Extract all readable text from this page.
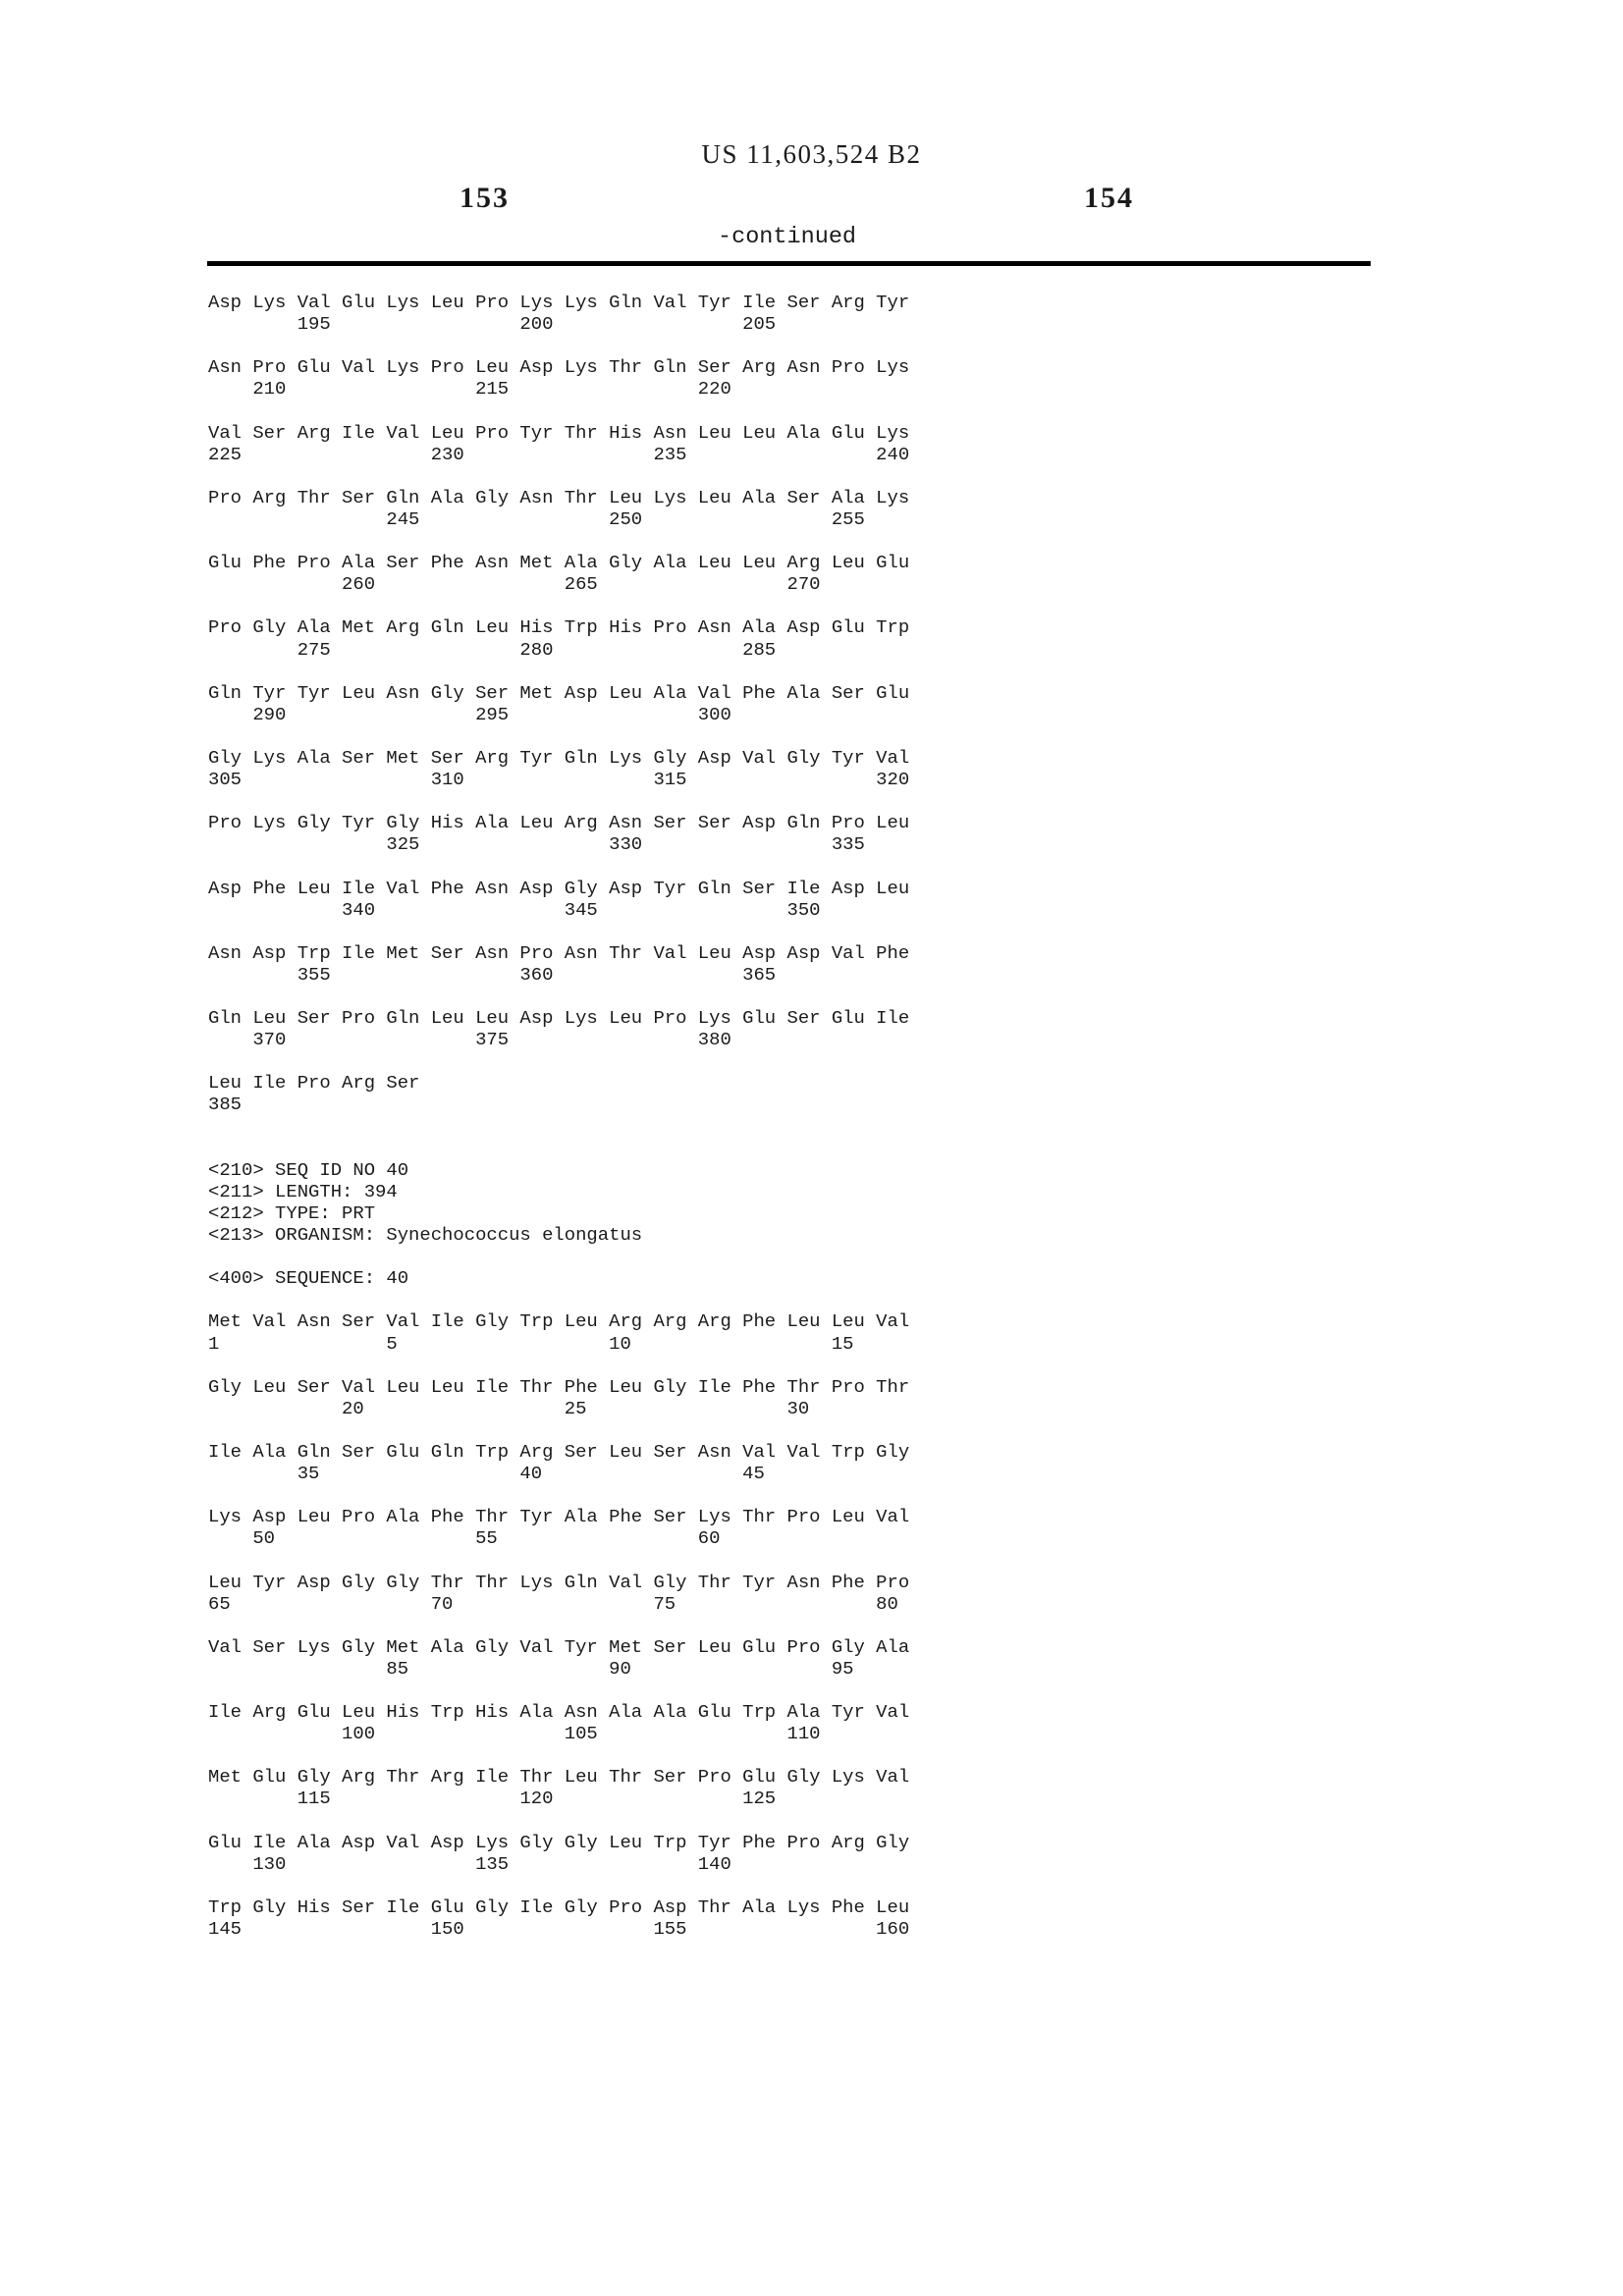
US 11,603,524 B2
153	154
-continued
Asp Lys Val Glu Lys Leu Pro Lys Lys Gln Val Tyr Ile Ser Arg Tyr
195                 200                 205
Asn Pro Glu Val Lys Pro Leu Asp Lys Thr Gln Ser Arg Asn Pro Lys
210                 215                 220
Val Ser Arg Ile Val Leu Pro Tyr Thr His Asn Leu Leu Ala Glu Lys
225                 230                 235                 240
Pro Arg Thr Ser Gln Ala Gly Asn Thr Leu Lys Leu Ala Ser Ala Lys
245                 250                 255
Glu Phe Pro Ala Ser Phe Asn Met Ala Gly Ala Leu Leu Arg Leu Glu
260                 265                 270
Pro Gly Ala Met Arg Gln Leu His Trp His Pro Asn Ala Asp Glu Trp
275                 280                 285
Gln Tyr Tyr Leu Asn Gly Ser Met Asp Leu Ala Val Phe Ala Ser Glu
290                 295                 300
Gly Lys Ala Ser Met Ser Arg Tyr Gln Lys Gly Asp Val Gly Tyr Val
305                 310                 315                 320
Pro Lys Gly Tyr Gly His Ala Leu Arg Asn Ser Ser Asp Gln Pro Leu
325                 330                 335
Asp Phe Leu Ile Val Phe Asn Asp Gly Asp Tyr Gln Ser Ile Asp Leu
340                 345                 350
Asn Asp Trp Ile Met Ser Asn Pro Asn Thr Val Leu Asp Asp Val Phe
355                 360                 365
Gln Leu Ser Pro Gln Leu Leu Asp Lys Leu Pro Lys Glu Ser Glu Ile
370                 375                 380
Leu Ile Pro Arg Ser
385
<210> SEQ ID NO 40
<211> LENGTH: 394
<212> TYPE: PRT
<213> ORGANISM: Synechococcus elongatus
<400> SEQUENCE: 40
Met Val Asn Ser Val Ile Gly Trp Leu Arg Arg Arg Phe Leu Leu Val
1               5                   10                  15
Gly Leu Ser Val Leu Leu Ile Thr Phe Leu Gly Ile Phe Thr Pro Thr
20                  25                  30
Ile Ala Gln Ser Glu Gln Trp Arg Ser Leu Ser Asn Val Val Trp Gly
35                  40                  45
Lys Asp Leu Pro Ala Phe Thr Tyr Ala Phe Ser Lys Thr Pro Leu Val
50                  55                  60
Leu Tyr Asp Gly Gly Thr Thr Lys Gln Val Gly Thr Tyr Asn Phe Pro
65                  70                  75                  80
Val Ser Lys Gly Met Ala Gly Val Tyr Met Ser Leu Glu Pro Gly Ala
85                  90                  95
Ile Arg Glu Leu His Trp His Ala Asn Ala Ala Glu Trp Ala Tyr Val
100                 105                 110
Met Glu Gly Arg Thr Arg Ile Thr Leu Thr Ser Pro Glu Gly Lys Val
115                 120                 125
Glu Ile Ala Asp Val Asp Lys Gly Gly Leu Trp Tyr Phe Pro Arg Gly
130                 135                 140
Trp Gly His Ser Ile Glu Gly Ile Gly Pro Asp Thr Ala Lys Phe Leu
145                 150                 155                 160
